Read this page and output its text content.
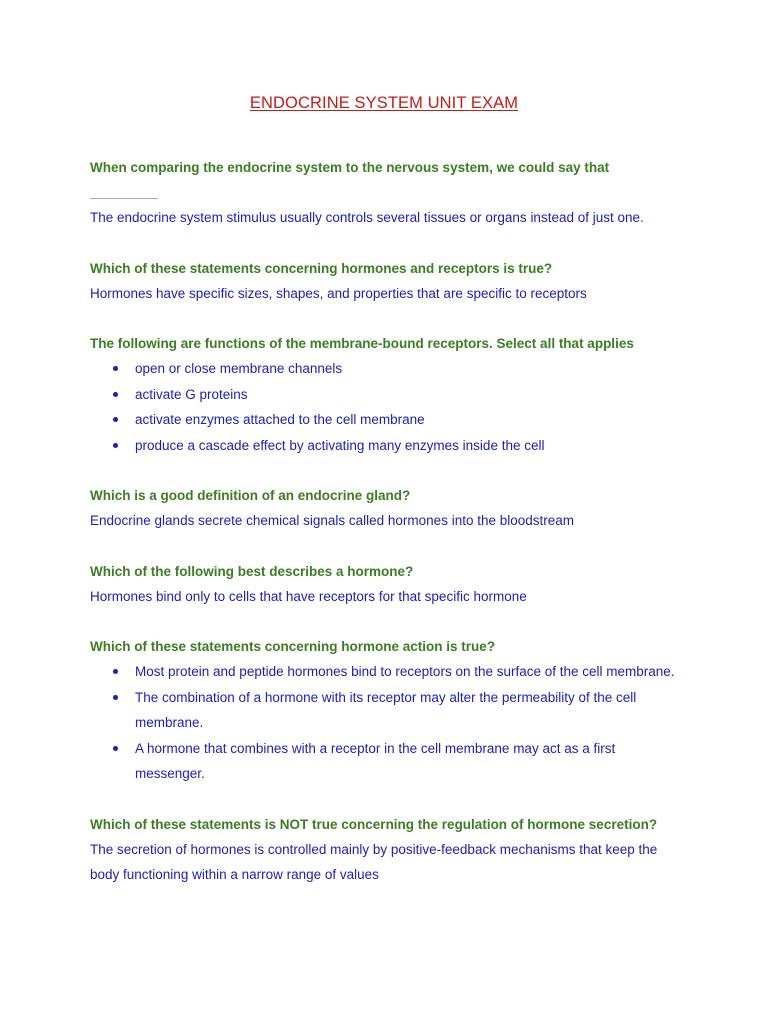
ENDOCRINE SYSTEM UNIT EXAM

When comparing the endocrine system to the nervous system, we could say that _________

The endocrine system stimulus usually controls several tissues or organs instead of just one.

Which of these statements concerning hormones and receptors is true?

Hormones have specific sizes, shapes, and properties that are specific to receptors

The following are functions of the membrane-bound receptors. Select all that applies

open or close membrane channels
activate G proteins
activate enzymes attached to the cell membrane
produce a cascade effect by activating many enzymes inside the cell

Which is a good definition of an endocrine gland?

Endocrine glands secrete chemical signals called hormones into the bloodstream

Which of the following best describes a hormone?

Hormones bind only to cells that have receptors for that specific hormone

Which of these statements concerning hormone action is true?

Most protein and peptide hormones bind to receptors on the surface of the cell membrane.
The combination of a hormone with its receptor may alter the permeability of the cell membrane.
A hormone that combines with a receptor in the cell membrane may act as a first messenger.

Which of these statements is NOT true concerning the regulation of hormone secretion?

The secretion of hormones is controlled mainly by positive-feedback mechanisms that keep the body functioning within a narrow range of values
